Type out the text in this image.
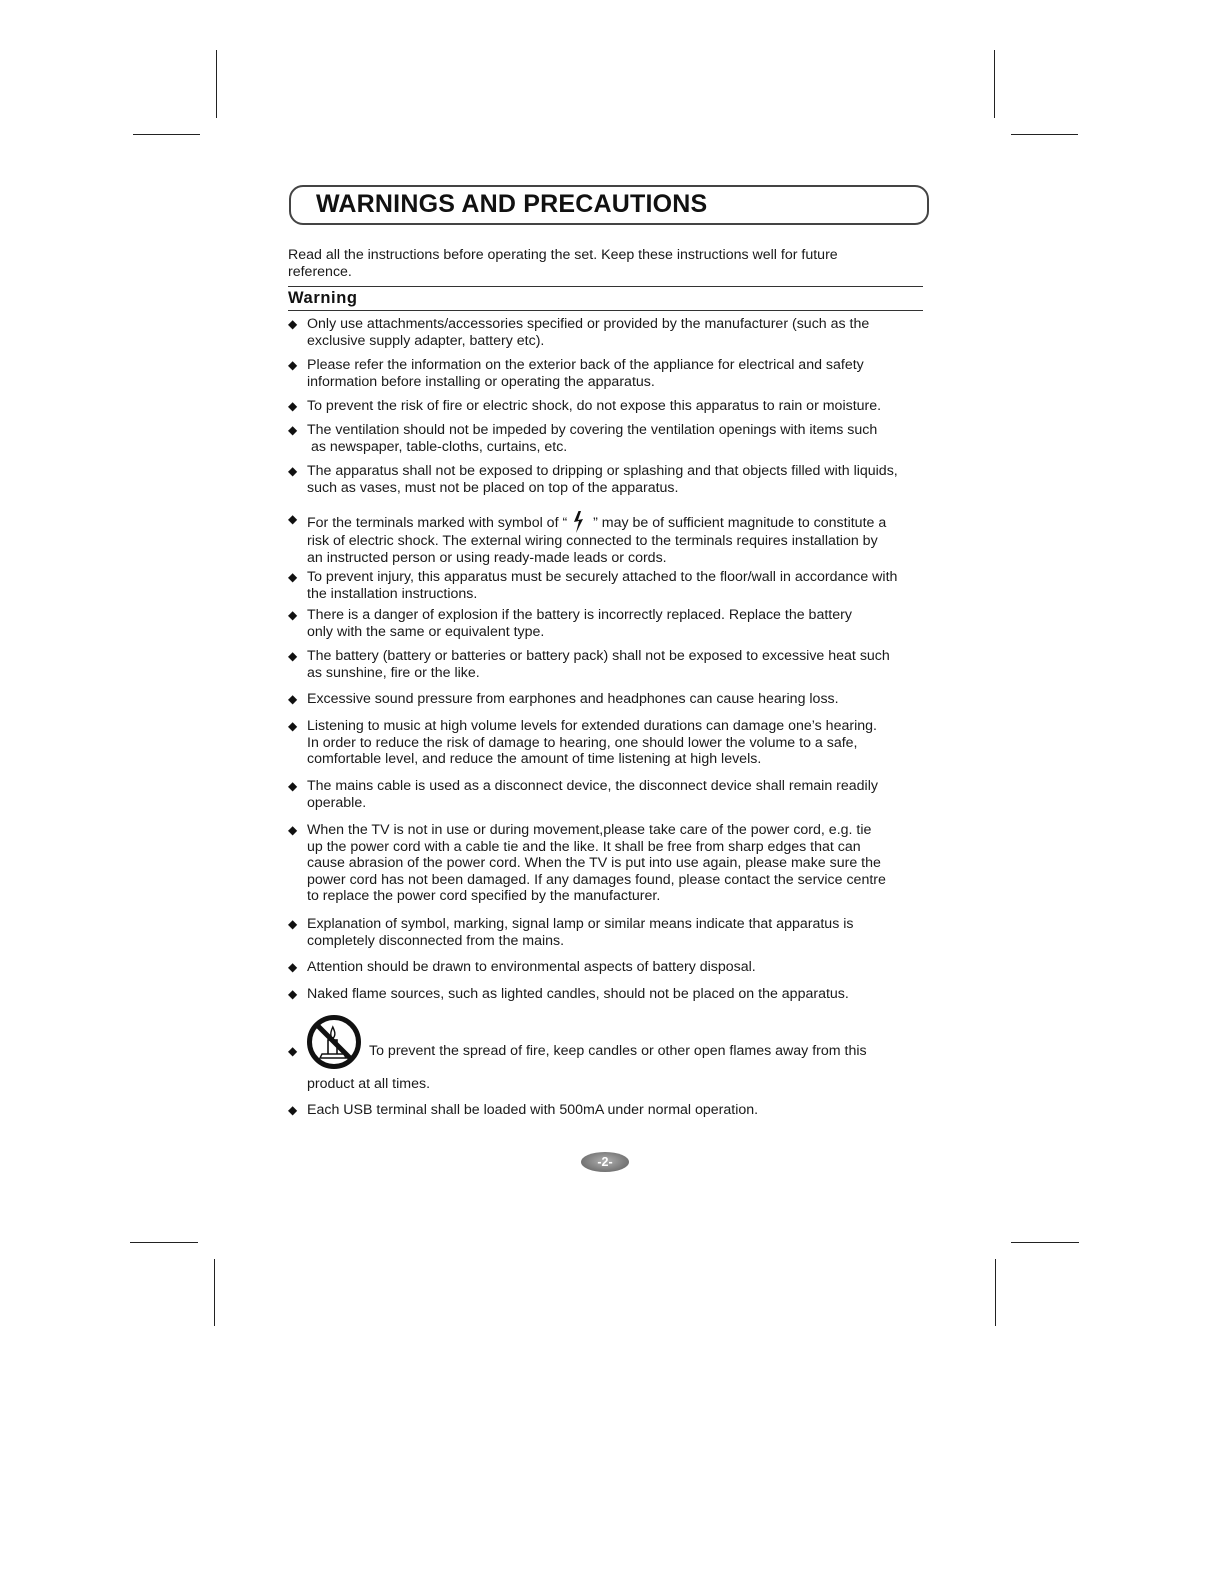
WARNINGS AND PRECAUTIONS
Read all the instructions before operating the set. Keep these instructions well for future
reference.
Warning
◆ Only use attachments/accessories specified or provided by the manufacturer (such as the
exclusive supply adapter, battery etc).
◆ Please refer the information on the exterior back of the appliance for electrical and safety
information before installing or operating the apparatus.
◆ To prevent the risk of fire or electric shock, do not expose this apparatus to rain or moisture.
◆ The ventilation should not be impeded by covering the ventilation openings with items such
as newspaper, table-cloths, curtains, etc.
◆ The apparatus shall not be exposed to dripping or splashing and that objects filled with liquids,
such as vases, must not be placed on top of the apparatus.
◆ For the terminals marked with symbol of “ ” may be of sufficient magnitude to constitute a
risk of electric shock. The external wiring connected to the terminals requires installation by
an instructed person or using ready-made leads or cords.
◆ To prevent injury, this apparatus must be securely attached to the floor/wall in accordance with
the installation instructions.
◆ There is a danger of explosion if the battery is incorrectly replaced. Replace the battery
only with the same or equivalent type.
◆ The battery (battery or batteries or battery pack) shall not be exposed to excessive heat such
as sunshine, fire or the like.
◆ Excessive sound pressure from earphones and headphones can cause hearing loss.
◆ Listening to music at high volume levels for extended durations can damage one’s hearing.
In order to reduce the risk of damage to hearing, one should lower the volume to a safe,
comfortable level, and reduce the amount of time listening at high levels.
◆ The mains cable is used as a disconnect device, the disconnect device shall remain readily
operable.
◆ When the TV is not in use or during movement,please take care of the power cord, e.g. tie
up the power cord with a cable tie and the like. It shall be free from sharp edges that can
cause abrasion of the power cord. When the TV is put into use again, please make sure the
power cord has not been damaged. If any damages found, please contact the service centre
to replace the power cord specified by the manufacturer.
◆ Explanation of symbol, marking, signal lamp or similar means indicate that apparatus is
completely disconnected from the mains.
◆ Attention should be drawn to environmental aspects of battery disposal.
◆ Naked flame sources, such as lighted candles, should not be placed on the apparatus.
◆	To prevent the spread of fire, keep candles or other open flames away from this
product at all times.
◆ Each USB terminal shall be loaded with 500mA under normal operation.
-2-
